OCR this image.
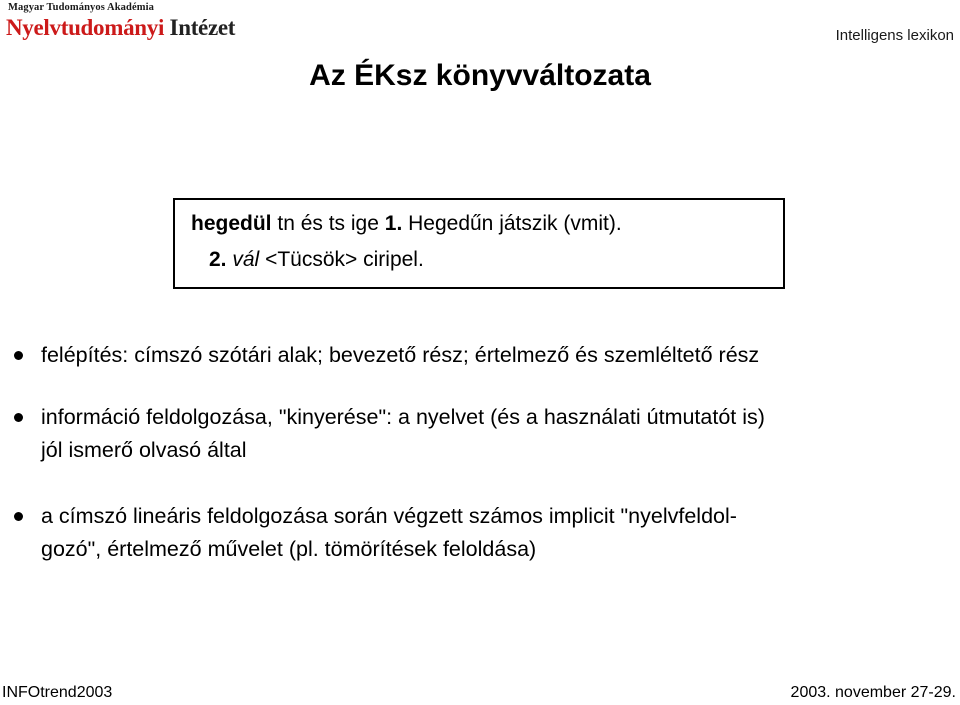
Magyar Tudományos Akadémia
Nyelvtudományi Intézet	Intelligens lexikon
Az ÉKsz könyvváltozata
hegedül tn és ts ige 1. Hegedűn játszik (vmit).
2. vál <Tücsök> ciripel.
felépítés: címszó szótári alak; bevezető rész; értelmező és szemléltető rész
információ feldolgozása, "kinyerése": a nyelvet (és a használati útmutatót is)
jól ismerő olvasó által
a címszó lineáris feldolgozása során végzett számos implicit "nyelvfeldol-
gozó", értelmező művelet (pl. tömörítések feloldása)
INFOtrend2003	2003. november 27-29.
